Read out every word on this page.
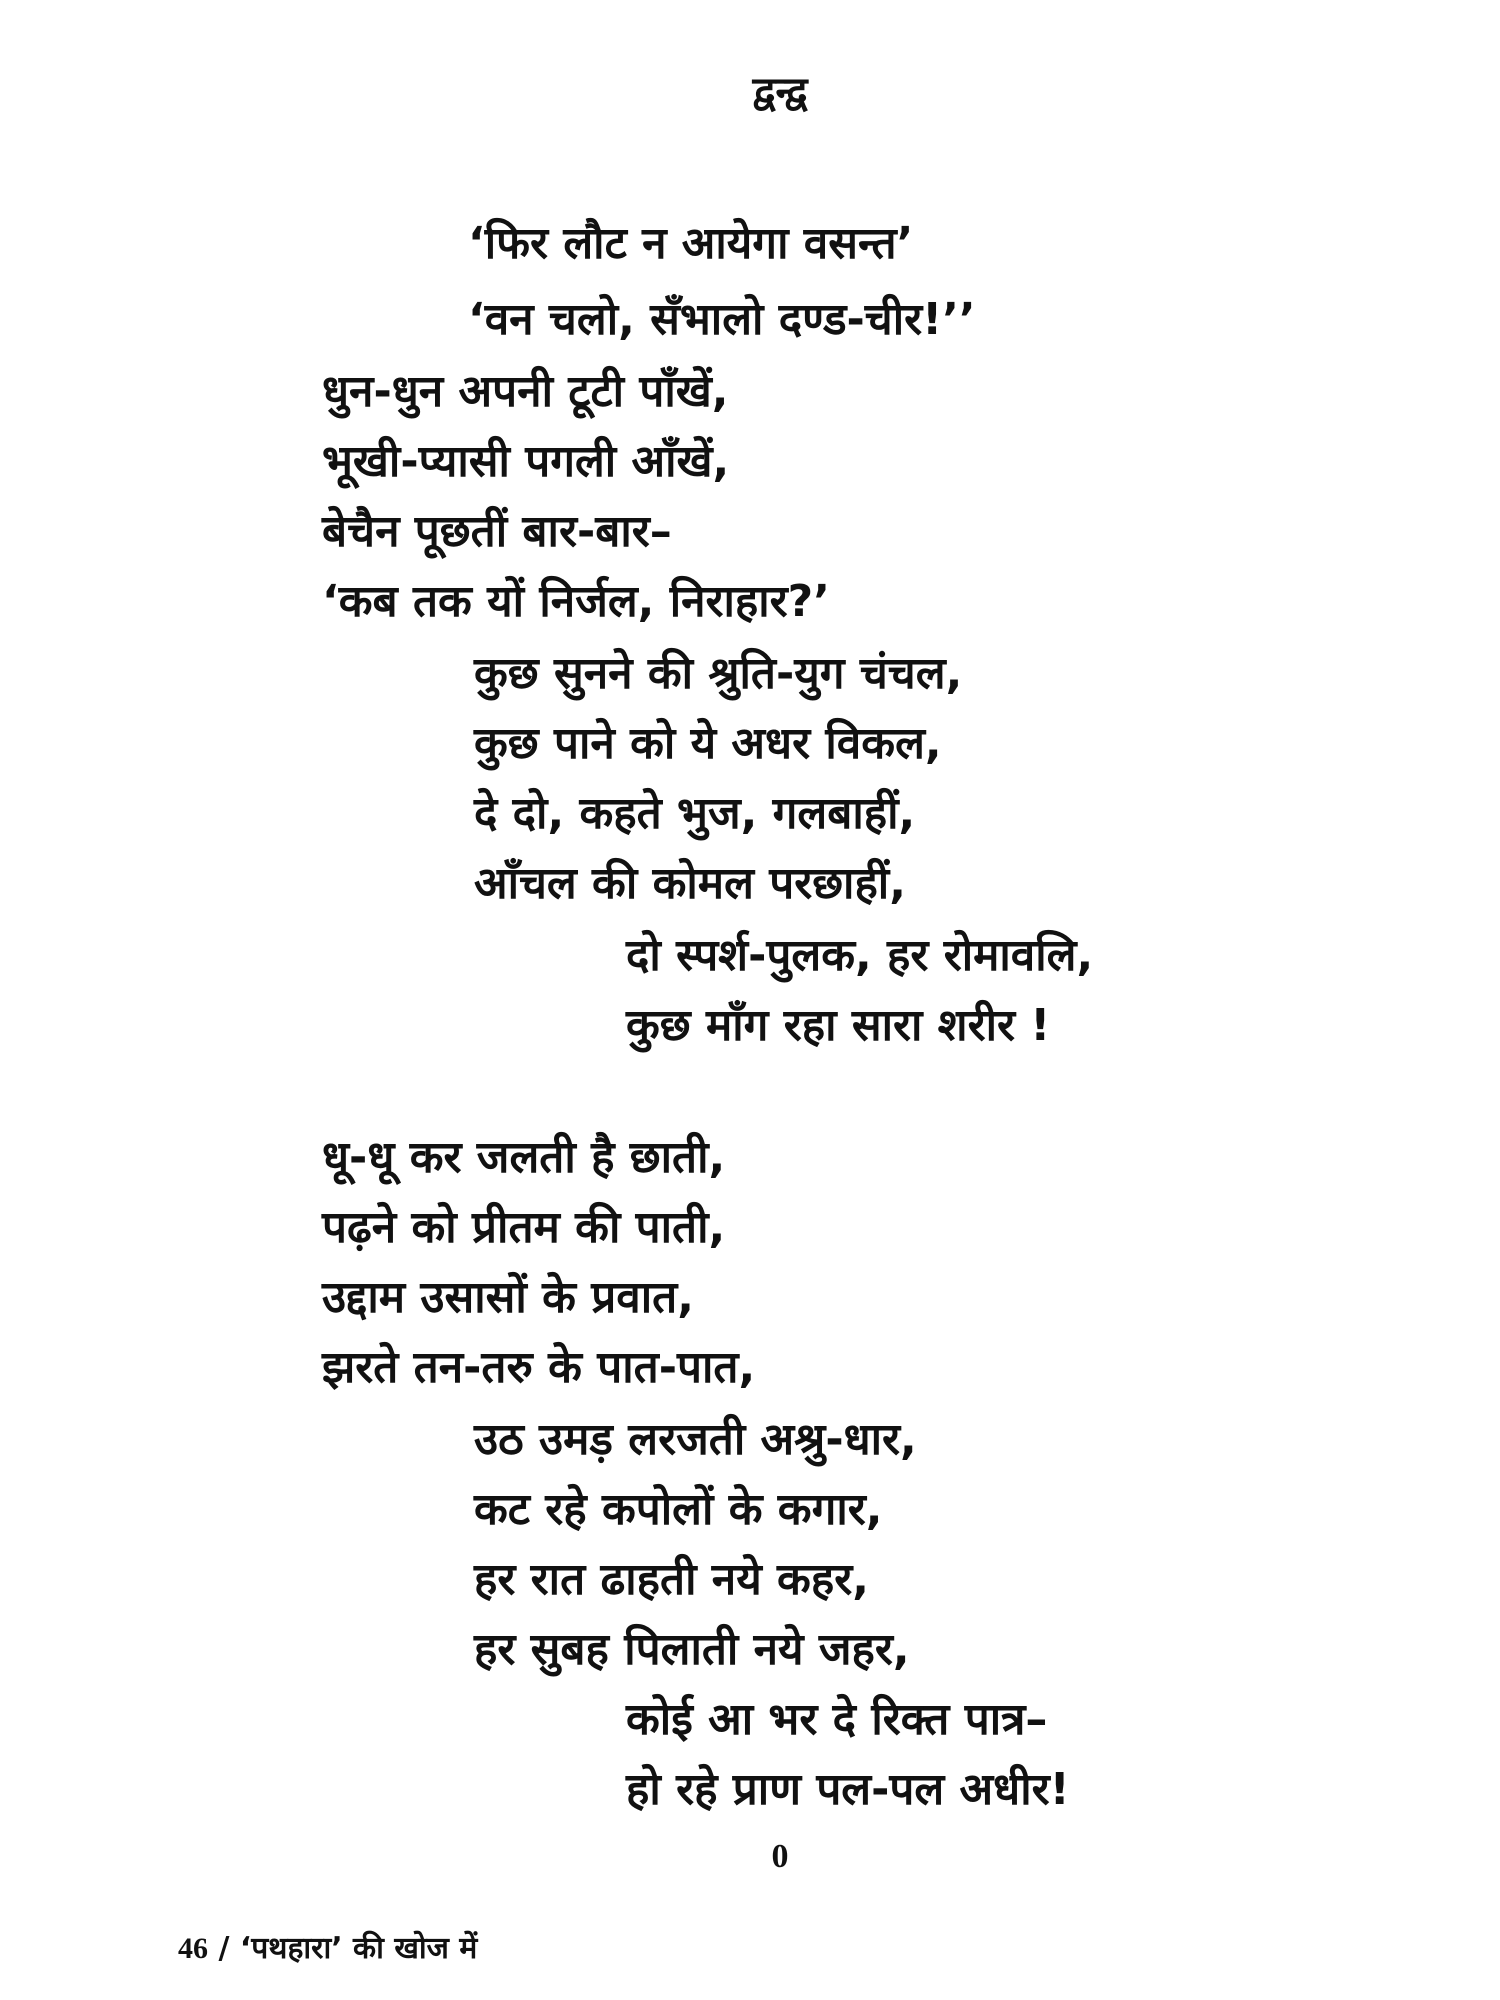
द्वन्द्व
‘फिर लौट न आयेगा वसन्त’
‘वन चलो, सँभालो दण्ड-चीर!’’
धुन-धुन अपनी टूटी पाँखें,
भूखी-प्यासी पगली आँखें,
बेचैन पूछतीं बार-बार–
‘कब तक यों निर्जल, निराहार?’
कुछ सुनने की श्रुति-युग चंचल,
कुछ पाने को ये अधर विकल,
दे दो, कहते भुज, गलबाहीं,
आँचल की कोमल परछाहीं,
दो स्पर्श-पुलक, हर रोमावलि,
कुछ माँग रहा सारा शरीर !
धू-धू कर जलती है छाती,
पढ़ने को प्रीतम की पाती,
उद्दाम उसासों के प्रवात,
झरते तन-तरु के पात-पात,
उठ उमड़ लरजती अश्रु-धार,
कट रहे कपोलों के कगार,
हर रात ढाहती नये कहर,
हर सुबह पिलाती नये जहर,
कोई आ भर दे रिक्त पात्र–
हो रहे प्राण पल-पल अधीर!
0
46 / ‘पथहारा’ की खोज में
